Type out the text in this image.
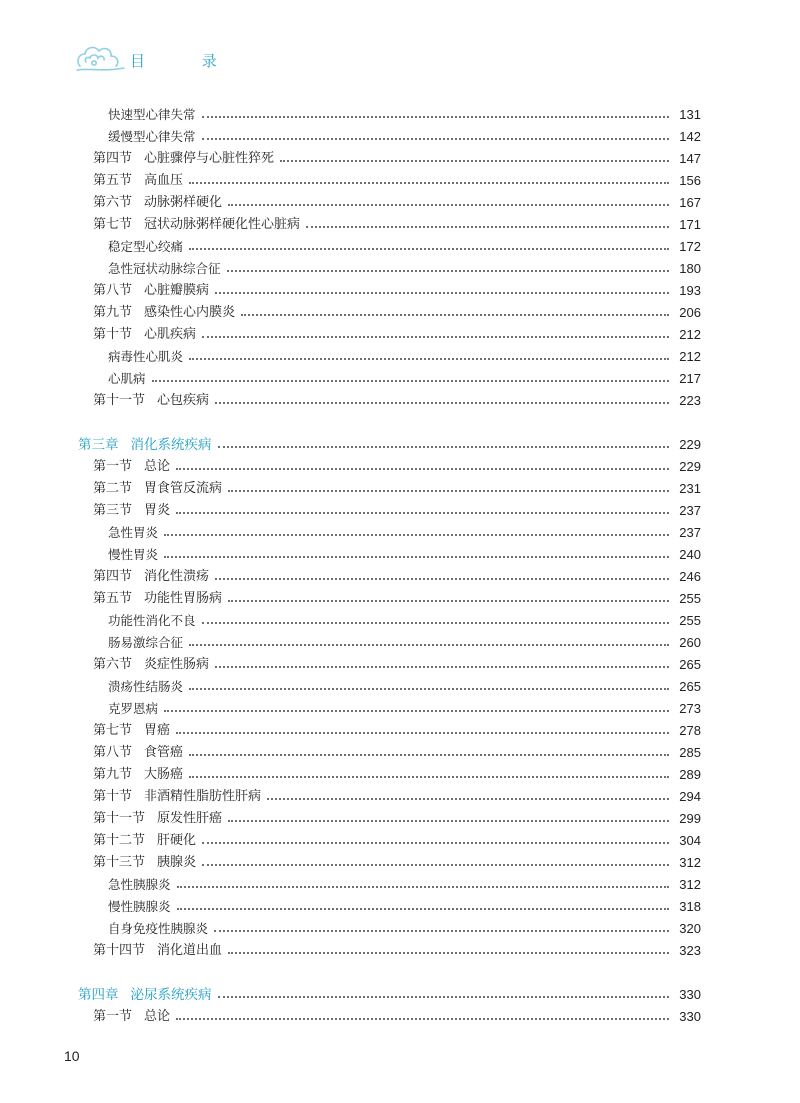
目 录
快速型心律失常	131
缓慢型心律失常	142
第四节 心脏骤停与心脏性猝死	147
第五节 高血压	156
第六节 动脉粥样硬化	167
第七节 冠状动脉粥样硬化性心脏病	171
稳定型心绞痛	172
急性冠状动脉综合征	180
第八节 心脏瓣膜病	193
第九节 感染性心内膜炎	206
第十节 心肌疾病	212
病毒性心肌炎	212
心肌病	217
第十一节 心包疾病	223
第三章 消化系统疾病	229
第一节 总论	229
第二节 胃食管反流病	231
第三节 胃炎	237
急性胃炎	237
慢性胃炎	240
第四节 消化性溃疡	246
第五节 功能性胃肠病	255
功能性消化不良	255
肠易激综合征	260
第六节 炎症性肠病	265
溃疡性结肠炎	265
克罗恩病	273
第七节 胃癌	278
第八节 食管癌	285
第九节 大肠癌	289
第十节 非酒精性脂肪性肝病	294
第十一节 原发性肝癌	299
第十二节 肝硬化	304
第十三节 胰腺炎	312
急性胰腺炎	312
慢性胰腺炎	318
自身免疫性胰腺炎	320
第十四节 消化道出血	323
第四章 泌尿系统疾病	330
第一节 总论	330
10
